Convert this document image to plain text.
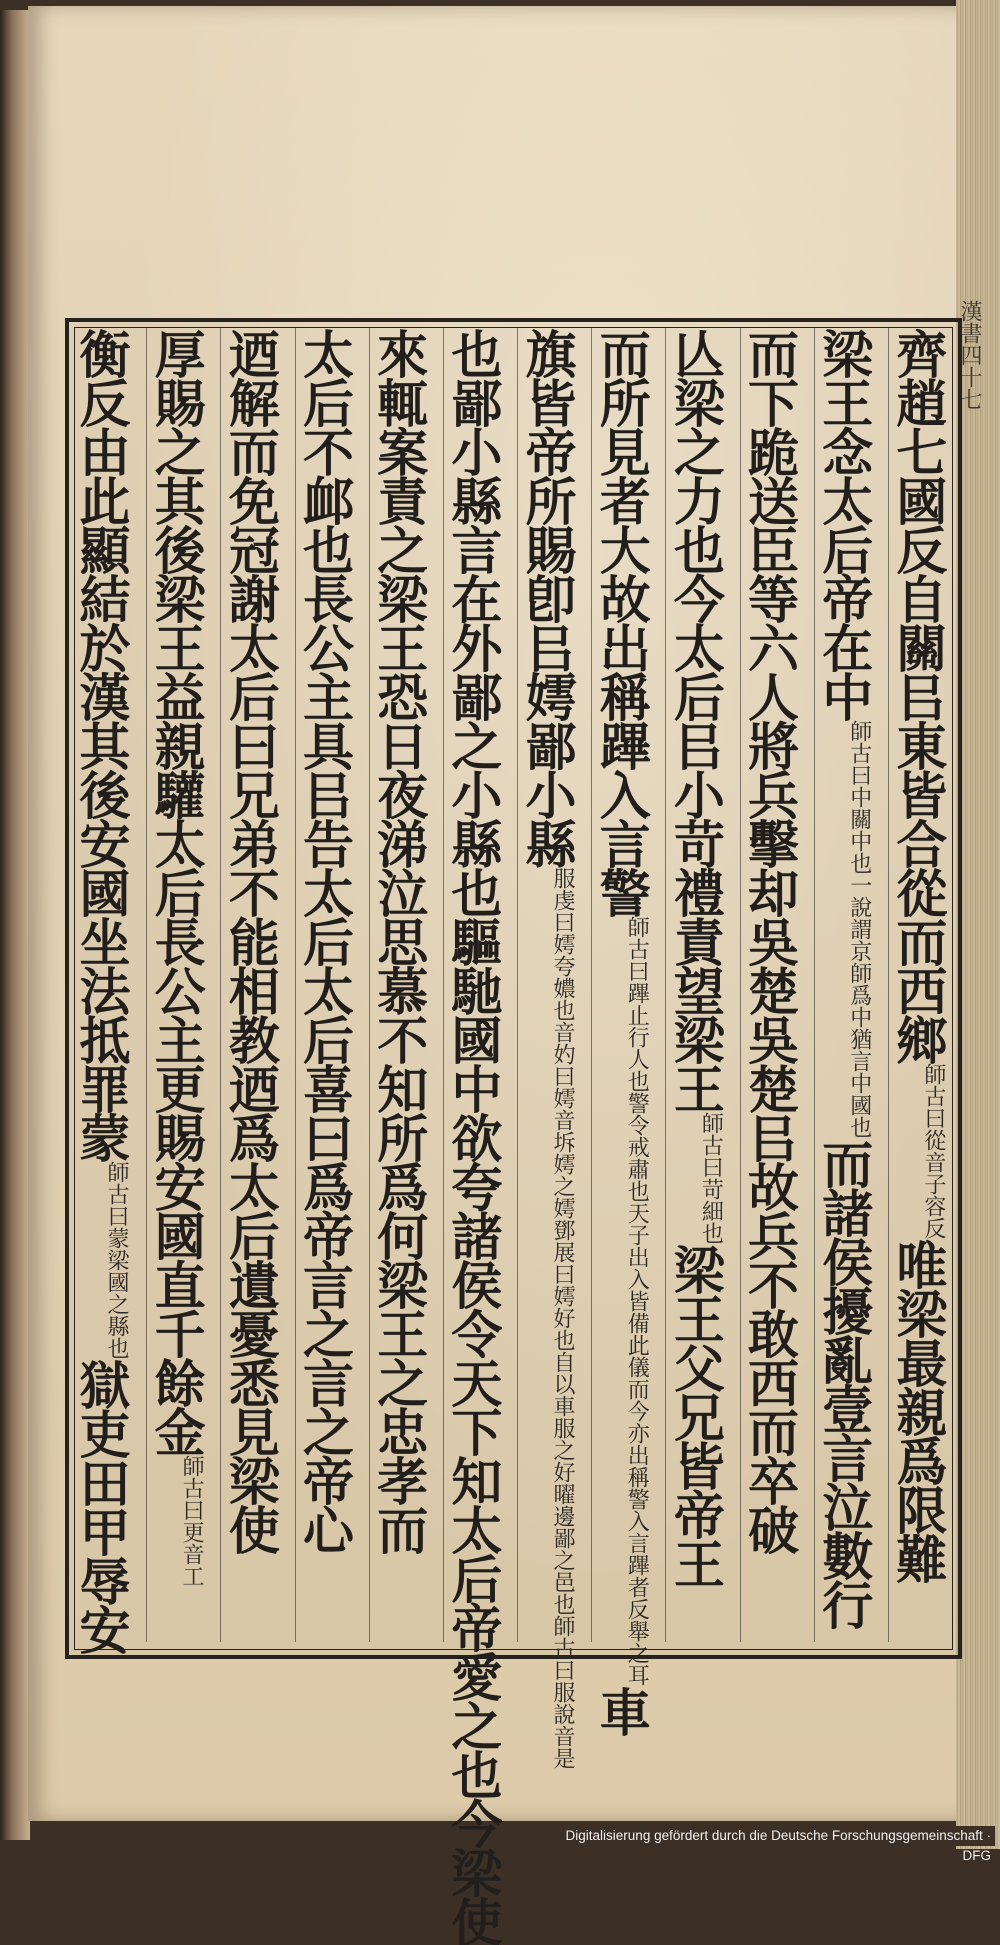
漢書四十七
齊趙七國反自關㠯東皆合從而西鄉師古曰從音子容反唯梁最親爲限難
梁王念太后帝在中師古曰中關中也一說謂京師爲中猶言中國也而諸侯擾亂壹言泣數行
而下跪送臣等六人將兵擊却吳楚吳楚㠯故兵不敢西而卒破
亾梁之力也今太后㠯小苛禮責望梁王師古曰苛細也梁王父兄皆帝王
而所見者大故出稱蹕入言警師古曰蹕止行人也警令戒肅也天子出入皆備此儀而今亦出稱警入言蹕者反舉之耳車
旗皆帝所賜卽㠯嫮鄙小縣服虔曰嫮夸𡢿也音妁曰嫮音坼嫮之嫮鄧展曰嫮好也自以車服之好曜邊鄙之邑也師古曰服說音是
也鄙小縣言在外鄙之小縣也驅馳國中欲夸諸侯令天下知太后帝愛之也今梁使
來輒案責之梁王恐日夜涕泣思慕不知所爲何梁王之忠孝而
太后不䘏也長公主具㠯告太后太后喜曰爲帝言之言之帝心
迺解而免冠謝太后曰兄弟不能相教迺爲太后遺憂悉見梁使
厚賜之其後梁王益親驩太后長公主更賜安國直千餘金師古曰更音工
衡反由此顯結於漢其後安國坐法抵罪蒙師古曰蒙梁國之縣也獄吏田甲辱安
Digitalisierung gefördert durch die Deutsche Forschungsgemeinschaft · DFG
